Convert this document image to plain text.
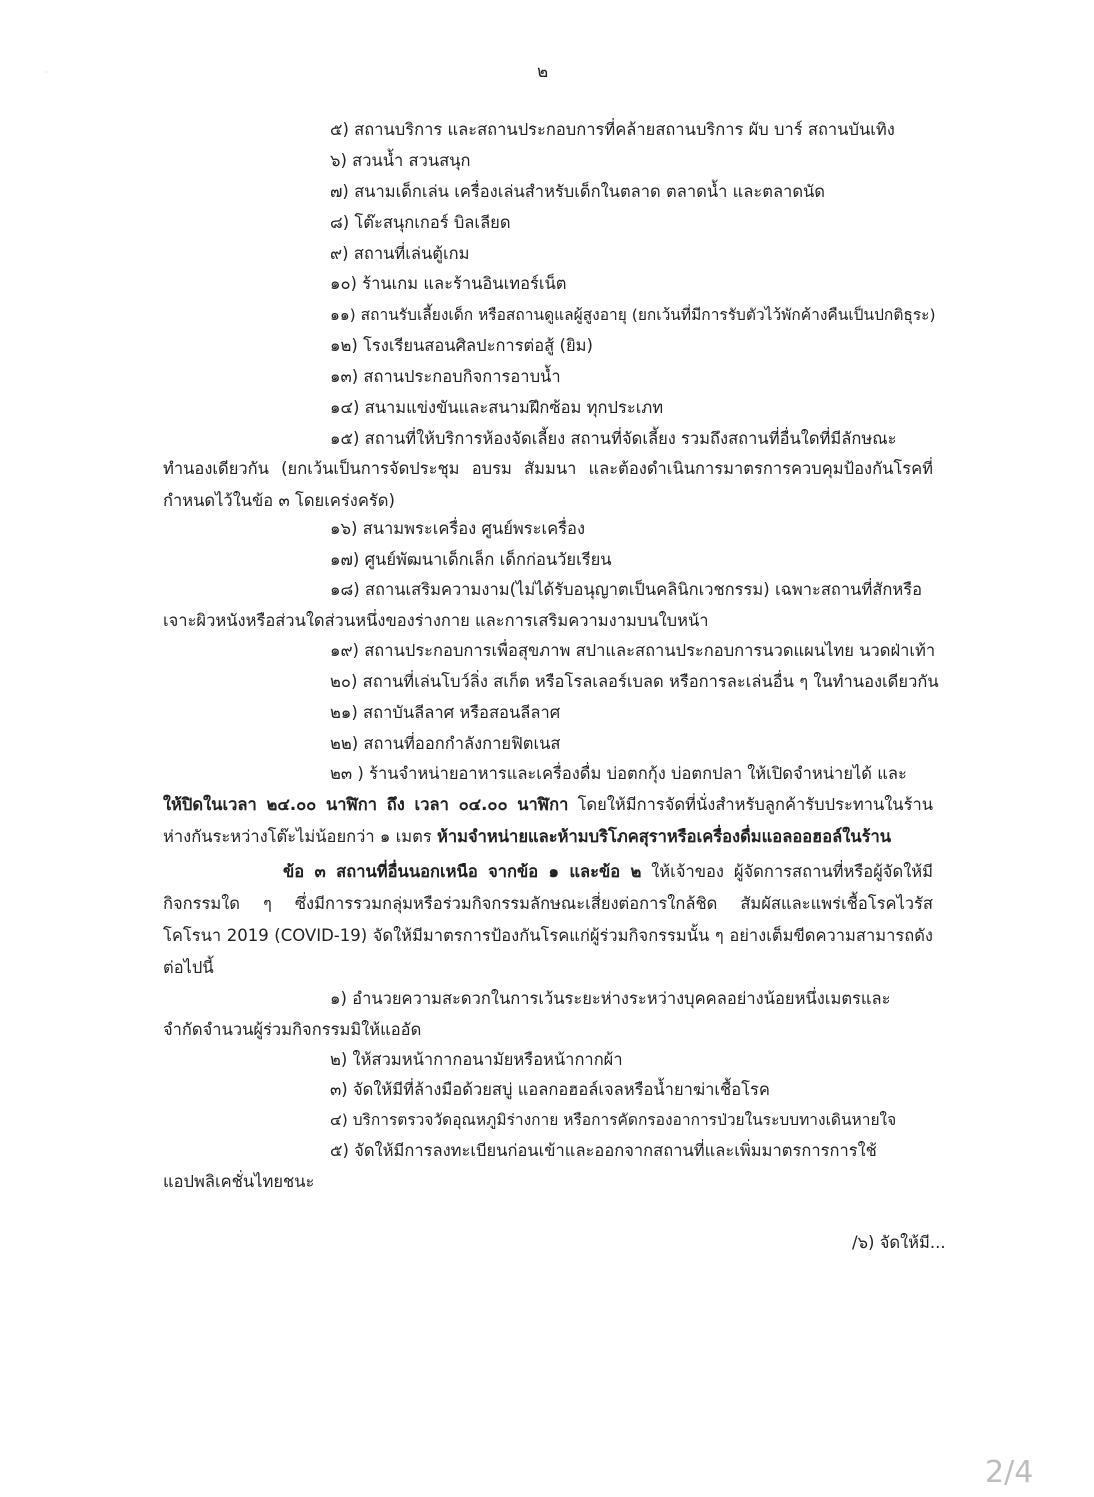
·	๒
๕) สถานบริการ และสถานประกอบการที่คล้ายสถานบริการ ผับ บาร์ สถานบันเทิง
๖) สวนน้ำ สวนสนุก
๗) สนามเด็กเล่น เครื่องเล่นสำหรับเด็กในตลาด ตลาดน้ำ และตลาดนัด
๘) โต๊ะสนุกเกอร์ บิลเลียด
๙) สถานที่เล่นตู้เกม
๑๐) ร้านเกม และร้านอินเทอร์เน็ต
๑๑) สถานรับเลี้ยงเด็ก หรือสถานดูแลผู้สูงอายุ (ยกเว้นที่มีการรับตัวไว้พักค้างคืนเป็นปกติธุระ)
๑๒) โรงเรียนสอนศิลปะการต่อสู้ (ยิม)
๑๓) สถานประกอบกิจการอาบน้ำ
๑๔) สนามแข่งขันและสนามฝึกซ้อม ทุกประเภท
๑๕) สถานที่ให้บริการห้องจัดเลี้ยง สถานที่จัดเลี้ยง รวมถึงสถานที่อื่นใดที่มีลักษณะ
ทำนองเดียวกัน (ยกเว้นเป็นการจัดประชุม อบรม สัมมนา และต้องดำเนินการมาตรการควบคุมป้องกันโรคที่กำหนดไว้ในข้อ ๓ โดยเคร่งครัด)
๑๖) สนามพระเครื่อง ศูนย์พระเครื่อง
๑๗) ศูนย์พัฒนาเด็กเล็ก เด็กก่อนวัยเรียน
๑๘) สถานเสริมความงาม(ไม่ได้รับอนุญาตเป็นคลินิกเวชกรรม) เฉพาะสถานที่สักหรือ
เจาะผิวหนังหรือส่วนใดส่วนหนึ่งของร่างกาย และการเสริมความงามบนใบหน้า
๑๙) สถานประกอบการเพื่อสุขภาพ สปาและสถานประกอบการนวดแผนไทย นวดฝ่าเท้า
๒๐) สถานที่เล่นโบว์ลิ่ง สเก็ต หรือโรลเลอร์เบลด หรือการละเล่นอื่น ๆ ในทำนองเดียวกัน
๒๑) สถาบันลีลาศ หรือสอนลีลาศ
๒๒) สถานที่ออกกำลังกายฟิตเนส
๒๓ ) ร้านจำหน่ายอาหารและเครื่องดื่ม บ่อตกกุ้ง บ่อตกปลา ให้เปิดจำหน่ายได้ และ
ให้ปิดในเวลา ๒๔.๐๐ นาฬิกา ถึง เวลา ๐๔.๐๐ นาฬิกา โดยให้มีการจัดที่นั่งสำหรับลูกค้ารับประทานในร้านห่างกันระหว่างโต๊ะไม่น้อยกว่า ๑ เมตร ห้ามจำหน่ายและห้ามบริโภคสุราหรือเครื่องดื่มแอลออฮอล์ในร้าน
ข้อ ๓ สถานที่อื่นนอกเหนือ จากข้อ ๑ และข้อ ๒ ให้เจ้าของ ผู้จัดการสถานที่หรือผู้จัดให้มีกิจกรรมใด ๆ ซึ่งมีการรวมกลุ่มหรือร่วมกิจกรรมลักษณะเสี่ยงต่อการใกล้ชิด สัมผัสและแพร่เชื้อโรคไวรัสโคโรนา 2019 (COVID-19) จัดให้มีมาตรการป้องกันโรคแก่ผู้ร่วมกิจกรรมนั้น ๆ อย่างเต็มขีดความสามารถดังต่อไปนี้
๑) อำนวยความสะดวกในการเว้นระยะห่างระหว่างบุคคลอย่างน้อยหนึ่งเมตรและ
จำกัดจำนวนผู้ร่วมกิจกรรมมิให้แออัด
๒) ให้สวมหน้ากากอนามัยหรือหน้ากากผ้า
๓) จัดให้มีที่ล้างมือด้วยสบู่ แอลกอฮอล์เจลหรือน้ำยาฆ่าเชื้อโรค
๔) บริการตรวจวัดอุณหภูมิร่างกาย หรือการคัดกรองอาการป่วยในระบบทางเดินหายใจ
๕) จัดให้มีการลงทะเบียนก่อนเข้าและออกจากสถานที่และเพิ่มมาตรการการใช้
แอปพลิเคชั่นไทยชนะ
/๖) จัดให้มี...
2/4
